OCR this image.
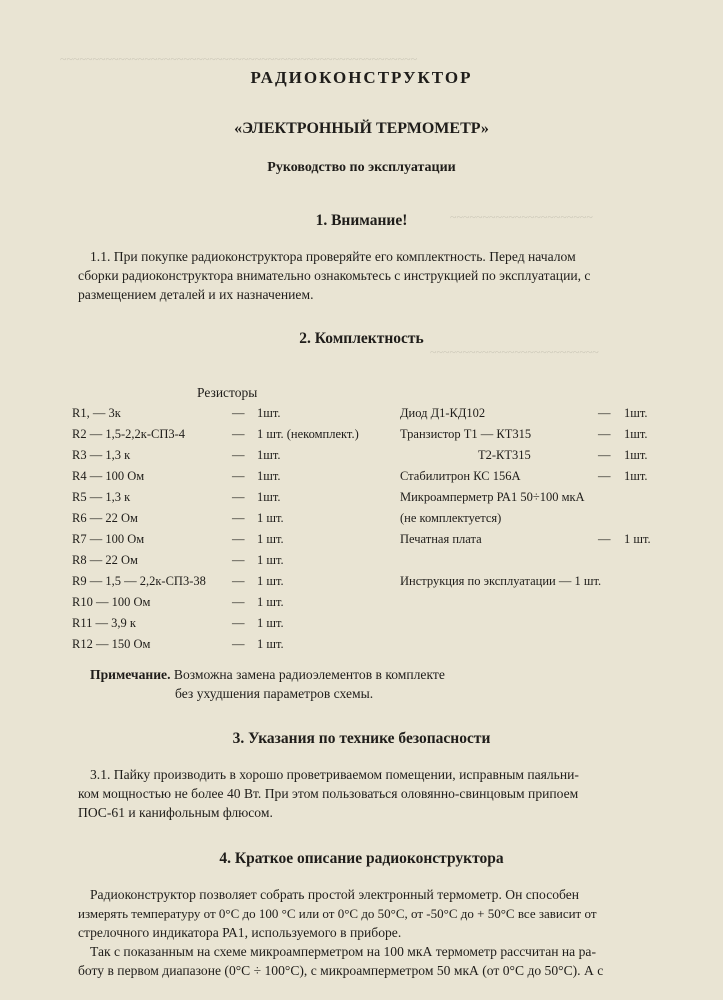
~~~~~~~~~~~~~~~~~~~~~~~~~~~~~~~~~~~~~~~~~~~~~~~~~~~~~~~
~~~~~~~~~~~~~~~~~~~~~~
~~~~~~~~~~~~~~~~~~~~~~~~~~
РАДИОКОНСТРУКТОР
«ЭЛЕКТРОННЫЙ ТЕРМОМЕТР»
Руководство по эксплуатации
1. Внимание!
1.1. При покупке радиоконструктора проверяйте его комплектность. Перед началом
сборки радиоконструктора внимательно ознакомьтесь с инструкцией по эксплуатации, с
размещением деталей и их назначением.
2. Комплектность
Резисторы
R1, — 3к	— 1шт.
R2 — 1,5-2,2к-СП3-4	— 1 шт. (некомплект.)
R3 — 1,3 к	— 1шт.
R4 — 100 Ом	— 1шт.
R5 — 1,3 к	— 1шт.
R6 — 22 Ом	— 1 шт.
R7 — 100 Ом	— 1 шт.
R8 — 22 Ом	— 1 шт.
R9 — 1,5 — 2,2к-СП3-38 — 1 шт.
R10 — 100 Ом	— 1 шт.
R11 — 3,9 к	— 1 шт.
R12 — 150 Ом	— 1 шт.
Диод Д1-КД102	— 1шт.
Транзистор Т1 — КТ315	— 1шт.
Т2-КТ315	— 1шт.
Стабилитрон КС 156А	— 1шт.
Микроамперметр РА1 50÷100 мкА
(не комплектуется)
Печатная плата	— 1 шт.
Инструкция по эксплуатации — 1 шт.
Примечание. Возможна замена радиоэлементов в комплекте
без ухудшения параметров схемы.
3. Указания по технике безопасности
3.1. Пайку производить в хорошо проветриваемом помещении, исправным паяльни-
ком мощностью не более 40 Вт. При этом пользоваться оловянно-свинцовым припоем
ПОС-61 и канифольным флюсом.
4. Краткое описание радиоконструктора
Радиоконструктор позволяет собрать простой электронный термометр. Он способен
измерять температуру от 0°С до 100 °С или от 0°С до 50°С, от -50°С до + 50°С все зависит от
стрелочного индикатора РА1, используемого в приборе.
Так с показанным на схеме микроамперметром на 100 мкА термометр рассчитан на ра-
боту в первом диапазоне (0°С ÷ 100°С), с микроамперметром 50 мкА (от 0°С до 50°С). А с
